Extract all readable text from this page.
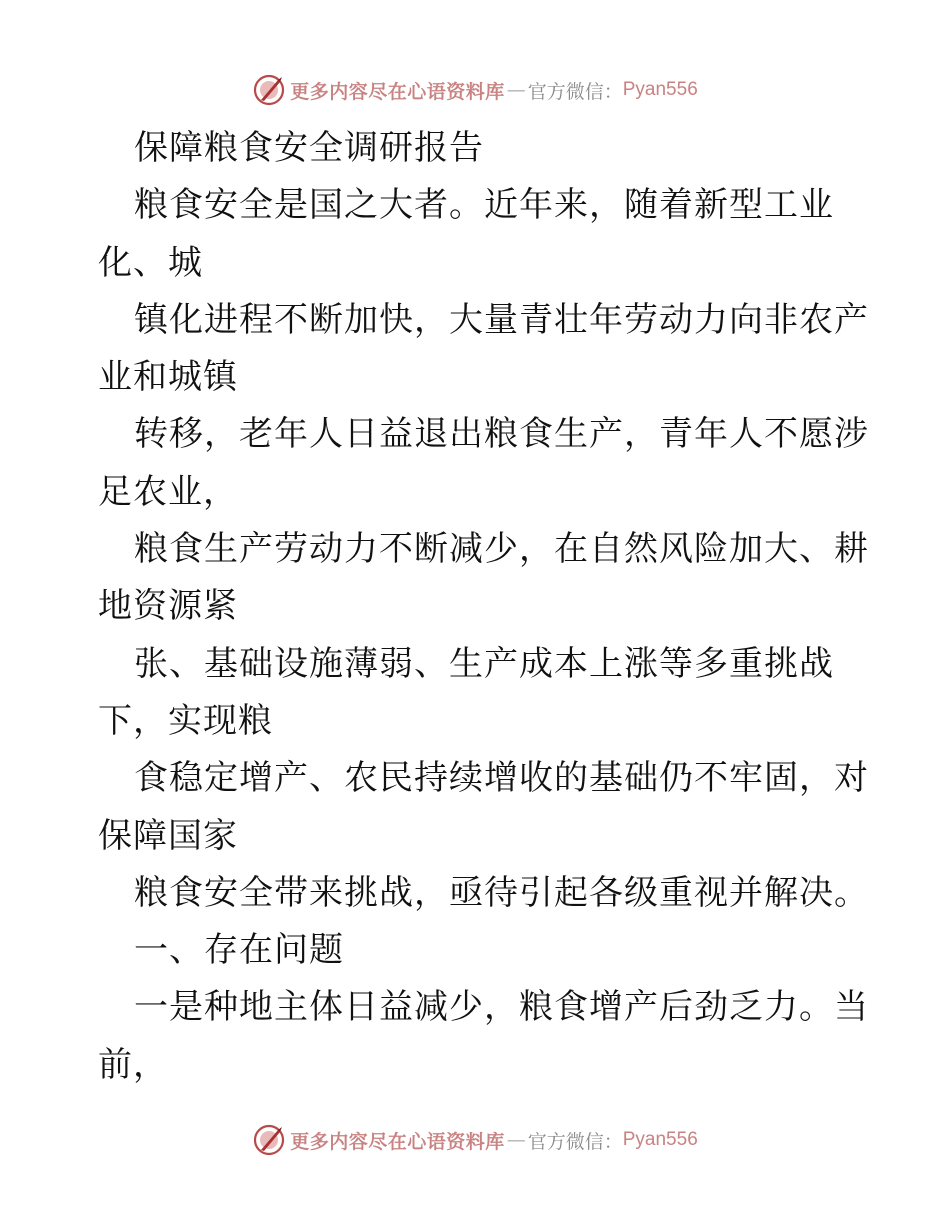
更多内容尽在心语资料库 — 官方微信： Pyan556
保障粮食安全调研报告
粮食安全是国之大者。近年来，随着新型工业
化、城
镇化进程不断加快，大量青壮年劳动力向非农产
业和城镇
转移，老年人日益退出粮食生产，青年人不愿涉
足农业，
粮食生产劳动力不断减少，在自然风险加大、耕
地资源紧
张、基础设施薄弱、生产成本上涨等多重挑战
下，实现粮
食稳定增产、农民持续增收的基础仍不牢固，对
保障国家
粮食安全带来挑战，亟待引起各级重视并解决。
一、存在问题
一是种地主体日益减少，粮食增产后劲乏力。当
前，
更多内容尽在心语资料库 — 官方微信： Pyan556
